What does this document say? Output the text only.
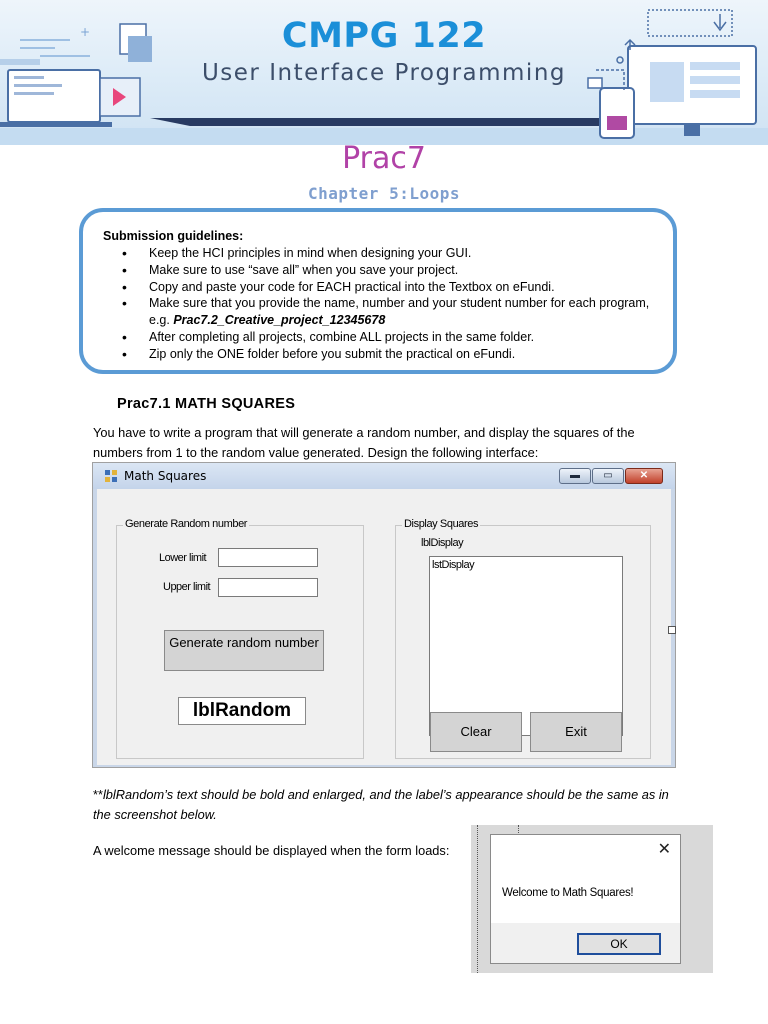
+	CMPG 122
User Interface Programming
Prac7
Chapter 5:Loops
Submission guidelines:
• Keep the HCI principles in mind when designing your GUI.
• Make sure to use “save all” when you save your project.
• Copy and paste your code for EACH practical into the Textbox on eFundi.
• Make sure that you provide the name, number and your student number for each program, e.g. Prac7.2_Creative_project_12345678
• After completing all projects, combine ALL projects in the same folder.
• Zip only the ONE folder before you submit the practical on eFundi.
Prac7.1 MATH SQUARES
You have to write a program that will generate a random number, and display the squares of the numbers from 1 to the random value generated. Design the following interface:
Math Squares	▬	▭	✕
Generate Random number
Lower limit
Upper limit
Generate random number
lblRandom
Display Squares
lblDisplay
lstDisplay
Clear	Exit
**lblRandom’s text should be bold and enlarged, and the label’s appearance should be the same as in the screenshot below.
A welcome message should be displayed when the form loads:	✕
Welcome to Math Squares!
OK
